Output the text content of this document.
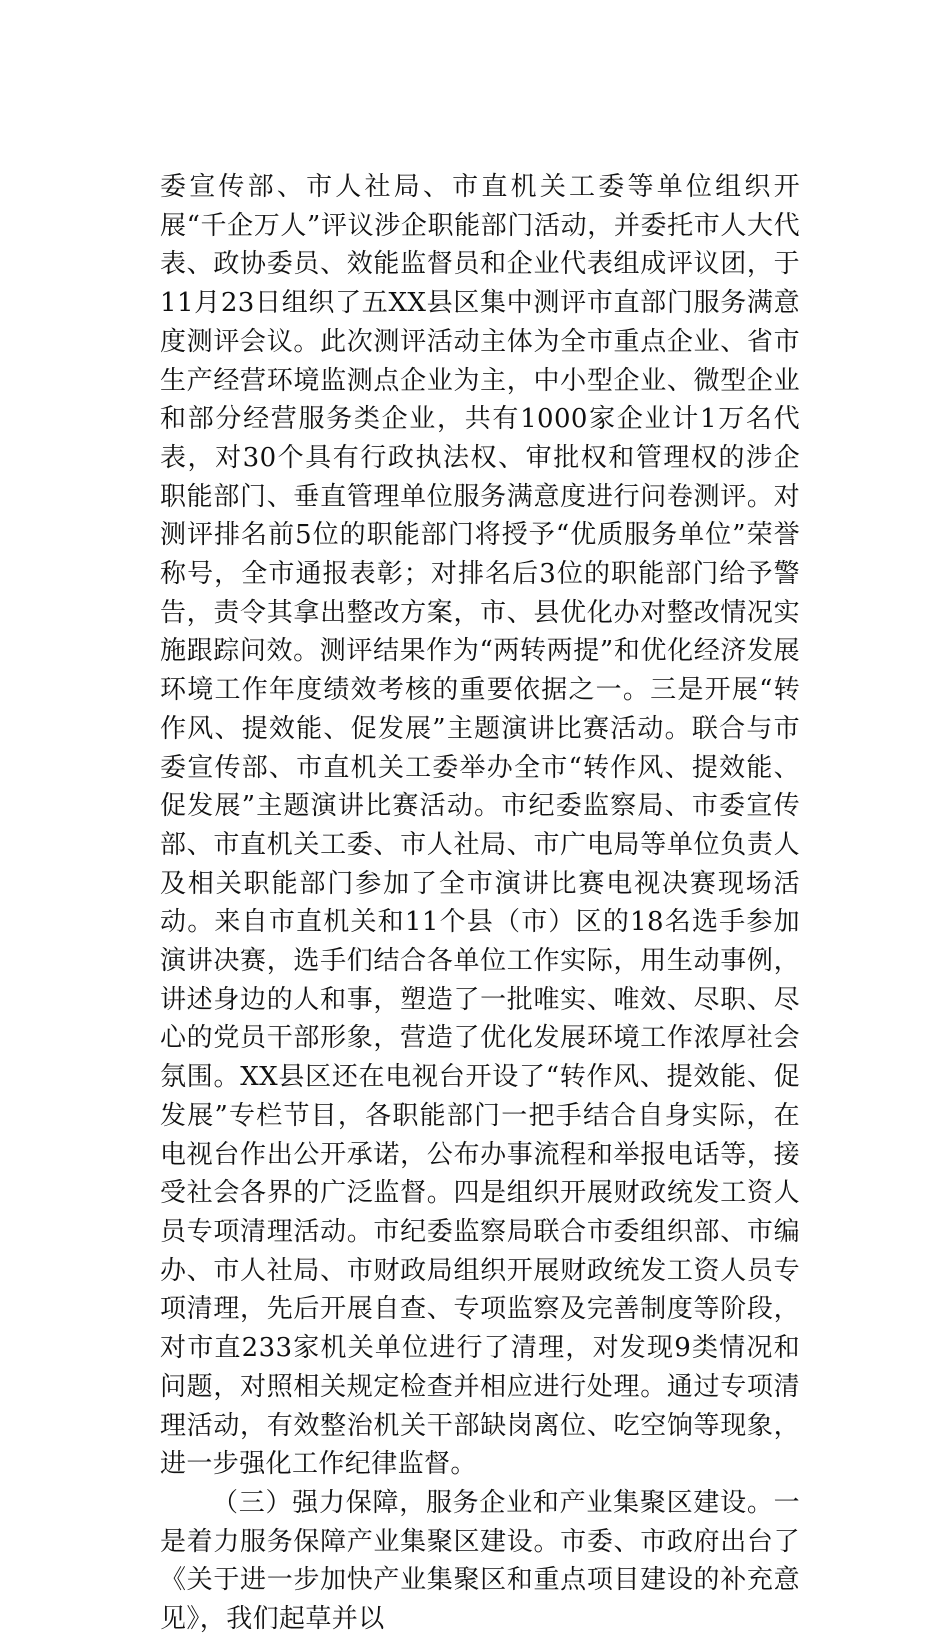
委宣传部、市人社局、市直机关工委等单位组织开展“千企万人”评议涉企职能部门活动，并委托市人大代表、政协委员、效能监督员和企业代表组成评议团，于11月23日组织了五XX县区集中测评市直部门服务满意度测评会议。此次测评活动主体为全市重点企业、省市生产经营环境监测点企业为主，中小型企业、微型企业和部分经营服务类企业，共有1000家企业计1万名代表，对30个具有行政执法权、审批权和管理权的涉企职能部门、垂直管理单位服务满意度进行问卷测评。对测评排名前5位的职能部门将授予“优质服务单位”荣誉称号，全市通报表彰；对排名后3位的职能部门给予警告，责令其拿出整改方案，市、县优化办对整改情况实施跟踪问效。测评结果作为“两转两提”和优化经济发展环境工作年度绩效考核的重要依据之一。三是开展“转作风、提效能、促发展”主题演讲比赛活动。联合与市委宣传部、市直机关工委举办全市“转作风、提效能、促发展”主题演讲比赛活动。市纪委监察局、市委宣传部、市直机关工委、市人社局、市广电局等单位负责人及相关职能部门参加了全市演讲比赛电视决赛现场活动。来自市直机关和11个县（市）区的18名选手参加演讲决赛，选手们结合各单位工作实际，用生动事例，讲述身边的人和事，塑造了一批唯实、唯效、尽职、尽心的党员干部形象，营造了优化发展环境工作浓厚社会氛围。XX县区还在电视台开设了“转作风、提效能、促发展”专栏节目，各职能部门一把手结合自身实际，在电视台作出公开承诺，公布办事流程和举报电话等，接受社会各界的广泛监督。四是组织开展财政统发工资人员专项清理活动。市纪委监察局联合市委组织部、市编办、市人社局、市财政局组织开展财政统发工资人员专项清理，先后开展自查、专项监察及完善制度等阶段，对市直233家机关单位进行了清理，对发现9类情况和问题，对照相关规定检查并相应进行处理。通过专项清理活动，有效整治机关干部缺岗离位、吃空饷等现象，进一步强化工作纪律监督。

（三）强力保障，服务企业和产业集聚区建设。一是着力服务保障产业集聚区建设。市委、市政府出台了《关于进一步加快产业集聚区和重点项目建设的补充意见》，我们起草并以
